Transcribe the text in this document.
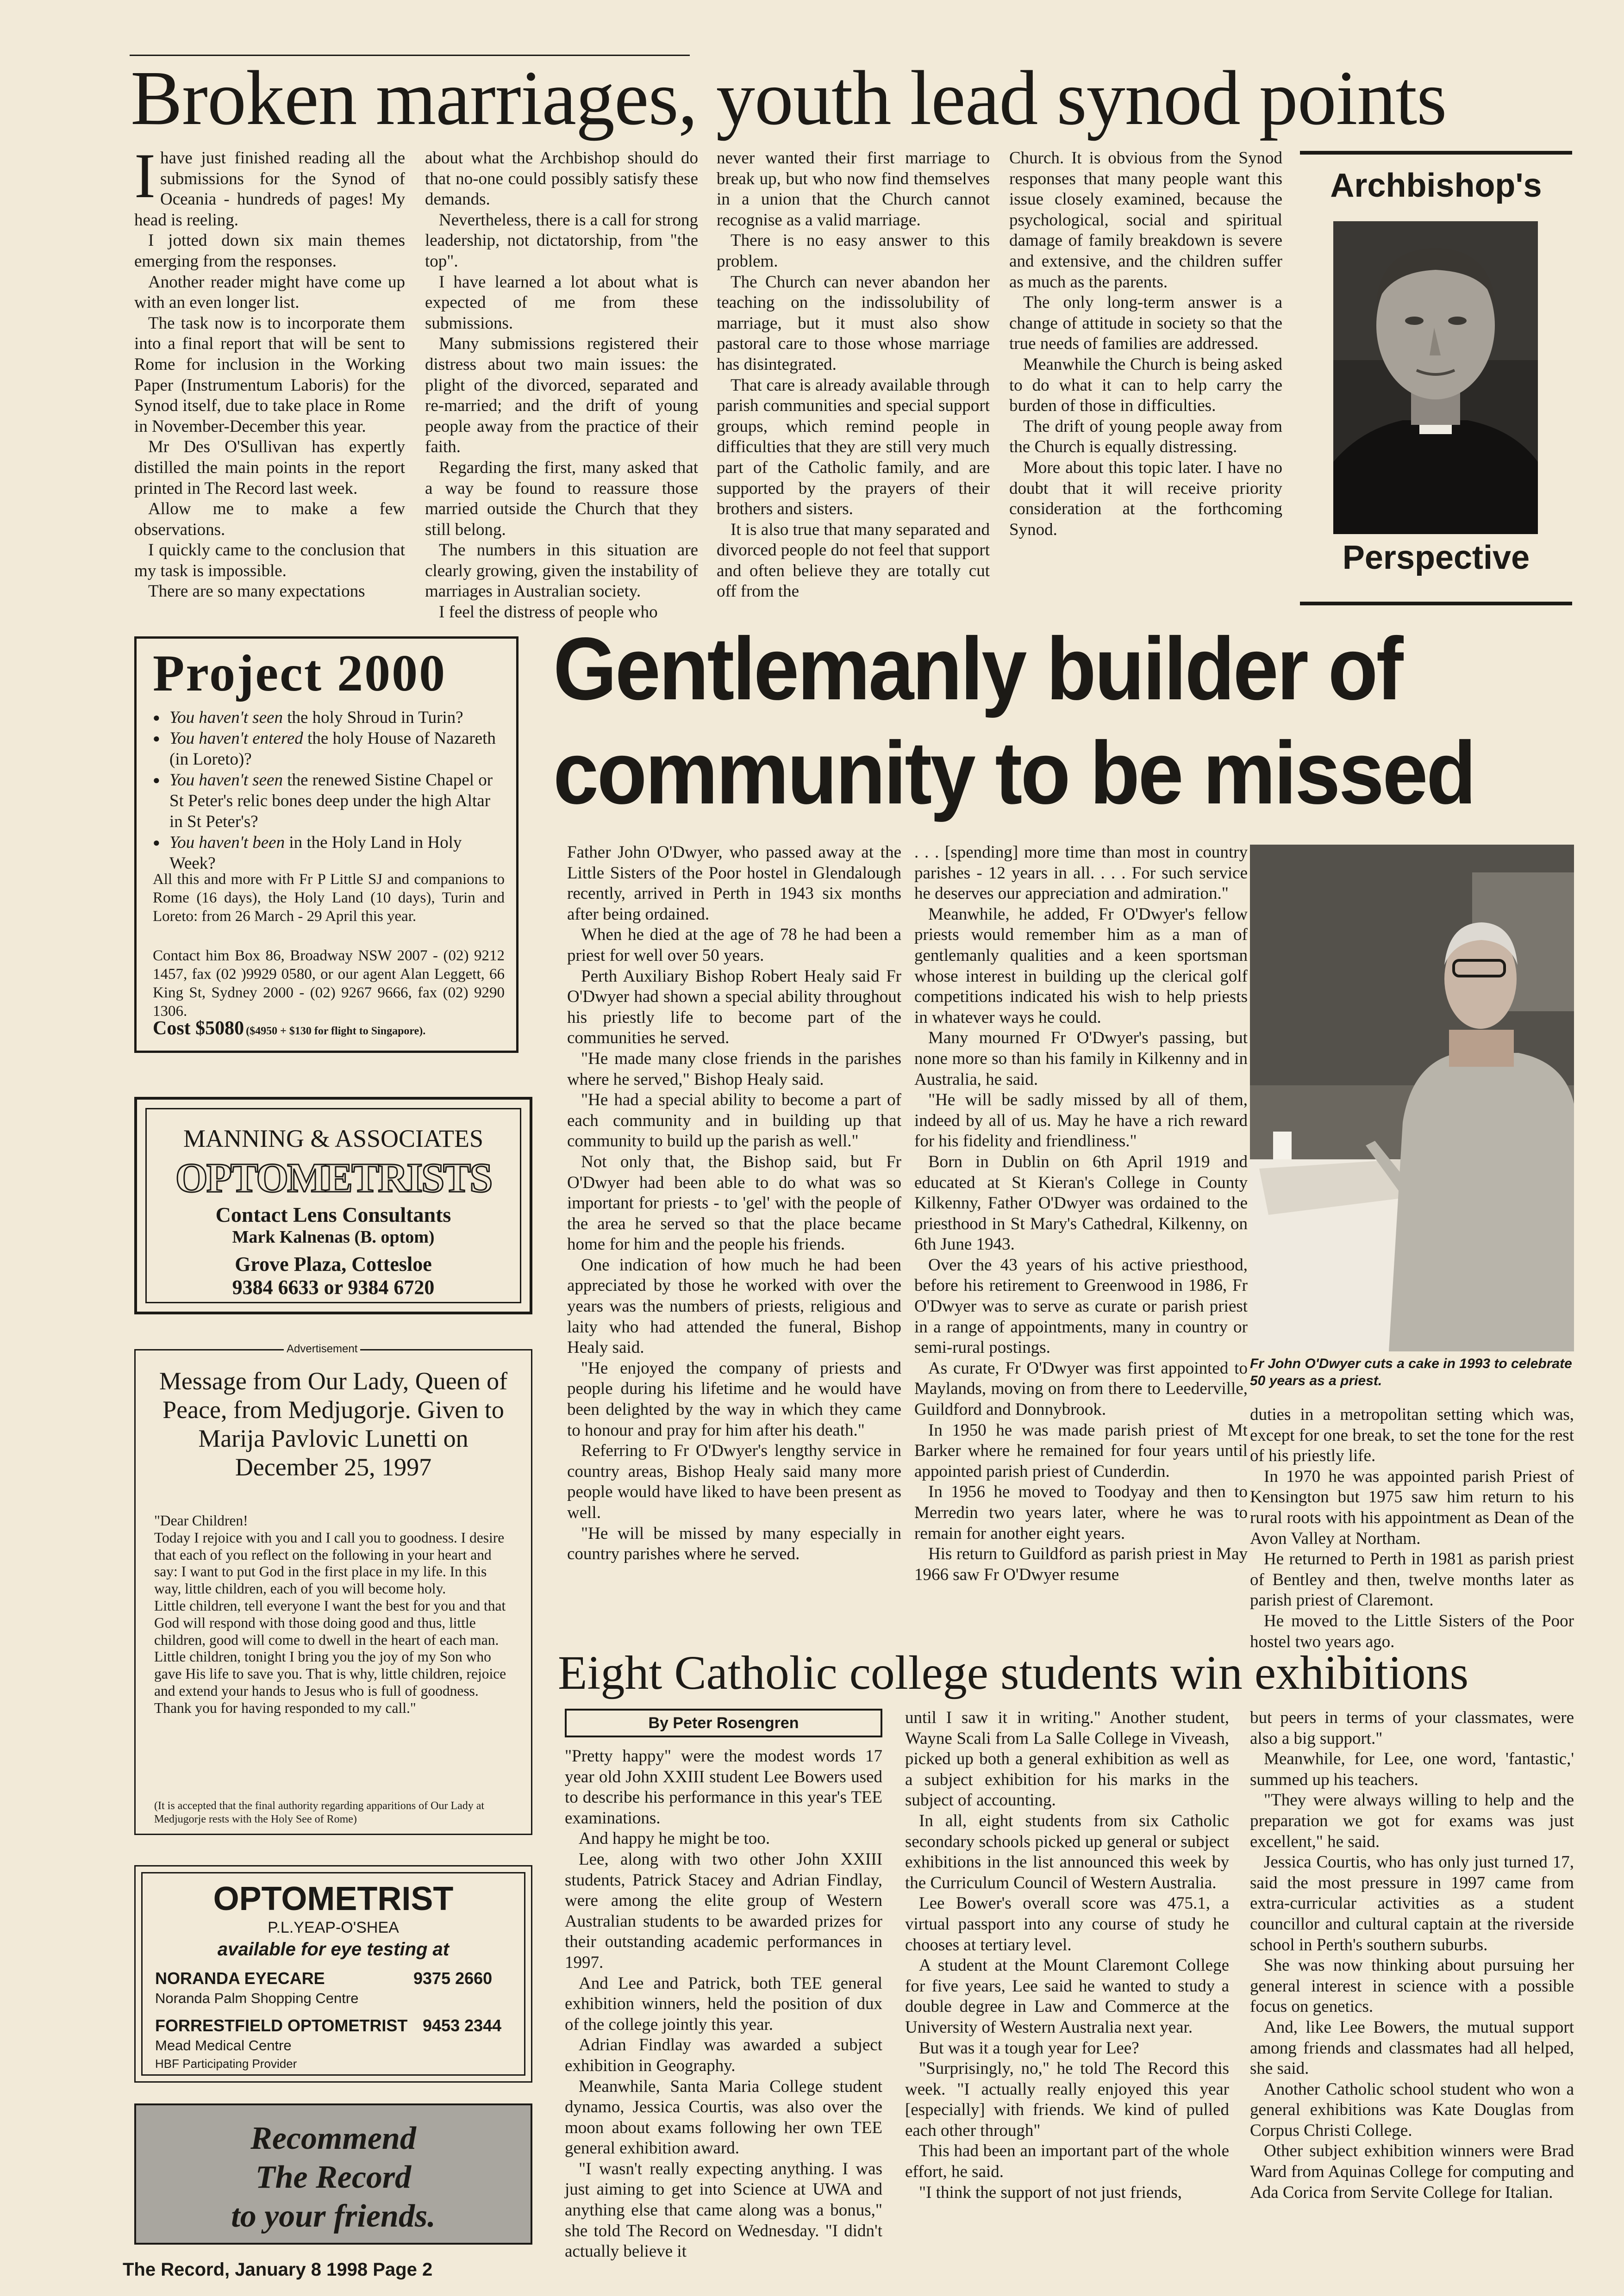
Broken marriages, youth lead synod points

Ihave just finished reading all the submissions for the Synod of Oceania - hundreds of pages! My head is reeling.

I jotted down six main themes emerging from the responses.

Another reader might have come up with an even longer list.

The task now is to incorporate them into a final report that will be sent to Rome for inclusion in the Working Paper (Instrumentum Laboris) for the Synod itself, due to take place in Rome in November-December this year.

Mr Des O'Sullivan has expertly distilled the main points in the report printed in The Record last week.

Allow me to make a few observations.

I quickly came to the conclusion that my task is impossible.

There are so many expectations

about what the Archbishop should do that no-one could possibly satisfy these demands.

Nevertheless, there is a call for strong leadership, not dictatorship, from "the top".

I have learned a lot about what is expected of me from these submissions.

Many submissions registered their distress about two main issues: the plight of the divorced, separated and re-married; and the drift of young people away from the practice of their faith.

Regarding the first, many asked that a way be found to reassure those married outside the Church that they still belong.

The numbers in this situation are clearly growing, given the instability of marriages in Australian society.

I feel the distress of people who

never wanted their first marriage to break up, but who now find themselves in a union that the Church cannot recognise as a valid marriage.

There is no easy answer to this problem.

The Church can never abandon her teaching on the indissolubility of marriage, but it must also show pastoral care to those whose marriage has disintegrated.

That care is already available through parish communities and special support groups, which remind people in difficulties that they are still very much part of the Catholic family, and are supported by the prayers of their brothers and sisters.

It is also true that many separated and divorced people do not feel that support and often believe they are totally cut off from the

Church. It is obvious from the Synod responses that many people want this issue closely examined, because the psychological, social and spiritual damage of family breakdown is severe and extensive, and the children suffer as much as the parents.

The only long-term answer is a change of attitude in society so that the true needs of families are addressed.

Meanwhile the Church is being asked to do what it can to help carry the burden of those in difficulties.

The drift of young people away from the Church is equally distressing.

More about this topic later. I have no doubt that it will receive priority consideration at the forthcoming Synod.

Archbishop's
Perspective
Project 2000
● You haven't seen the holy Shroud in Turin?
● You haven't entered the holy House of Nazareth (in Loreto)?
● You haven't seen the renewed Sistine Chapel or St Peter's relic bones deep under the high Altar in St Peter's?
● You haven't been in the Holy Land in Holy Week?
All this and more with Fr P Little SJ and companions to Rome (16 days), the Holy Land (10 days), Turin and Loreto: from 26 March - 29 April this year.
Contact him Box 86, Broadway NSW 2007 - (02) 9212 1457, fax (02 )9929 0580, or our agent Alan Leggett, 66 King St, Sydney 2000 - (02) 9267 9666, fax (02) 9290 1306.
Cost $5080 ($4950 + $130 for flight to Singapore).
MANNING & ASSOCIATES
OPTOMETRISTS
Contact Lens Consultants
Mark Kalnenas (B. optom)
Grove Plaza, Cottesloe
9384 6633 or 9384 6720
Advertisement
Message from Our Lady, Queen of Peace, from Medjugorje. Given to Marija Pavlovic Lunetti on December 25, 1997
"Dear Children!
Today I rejoice with you and I call you to goodness. I desire that each of you reflect on the following in your heart and say: I want to put God in the first place in my life. In this way, little children, each of you will become holy.
Little children, tell everyone I want the best for you and that God will respond with those doing good and thus, little children, good will come to dwell in the heart of each man.
Little children, tonight I bring you the joy of my Son who gave His life to save you. That is why, little children, rejoice and extend your hands to Jesus who is full of goodness.
Thank you for having responded to my call."
(It is accepted that the final authority regarding apparitions of Our Lady at Medjugorje rests with the Holy See of Rome)
OPTOMETRIST
P.L.YEAP-O'SHEA
available for eye testing at
NORANDA EYECARE	9375 2660
Noranda Palm Shopping Centre
FORRESTFIELD OPTOMETRIST 9453 2344
Mead Medical Centre
HBF Participating Provider
Recommend
The Record
to your friends.
Gentlemanly builder of
community to be missed

Father John O'Dwyer, who passed away at the Little Sisters of the Poor hostel in Glendalough recently, arrived in Perth in 1943 six months after being ordained.

When he died at the age of 78 he had been a priest for well over 50 years.

Perth Auxiliary Bishop Robert Healy said Fr O'Dwyer had shown a special ability throughout his priestly life to become part of the communities he served.

"He made many close friends in the parishes where he served," Bishop Healy said.

"He had a special ability to become a part of each community and in building up that community to build up the parish as well."

Not only that, the Bishop said, but Fr O'Dwyer had been able to do what was so important for priests - to 'gel' with the people of the area he served so that the place became home for him and the people his friends.

One indication of how much he had been appreciated by those he worked with over the years was the numbers of priests, religious and laity who had attended the funeral, Bishop Healy said.

"He enjoyed the company of priests and people during his lifetime and he would have been delighted by the way in which they came to honour and pray for him after his death."

Referring to Fr O'Dwyer's lengthy service in country areas, Bishop Healy said many more people would have liked to have been present as well.

"He will be missed by many especially in country parishes where he served.

. . . [spending] more time than most in country parishes - 12 years in all. . . . For such service he deserves our appreciation and admiration."

Meanwhile, he added, Fr O'Dwyer's fellow priests would remember him as a man of gentlemanly qualities and a keen sportsman whose interest in building up the clerical golf competitions indicated his wish to help priests in whatever ways he could.

Many mourned Fr O'Dwyer's passing, but none more so than his family in Kilkenny and in Australia, he said.

"He will be sadly missed by all of them, indeed by all of us. May he have a rich reward for his fidelity and friendliness."

Born in Dublin on 6th April 1919 and educated at St Kieran's College in County Kilkenny, Father O'Dwyer was ordained to the priesthood in St Mary's Cathedral, Kilkenny, on 6th June 1943.

Over the 43 years of his active priesthood, before his retirement to Greenwood in 1986, Fr O'Dwyer was to serve as curate or parish priest in a range of appointments, many in country or semi-rural postings.

As curate, Fr O'Dwyer was first appointed to Maylands, moving on from there to Leederville, Guildford and Donnybrook.

In 1950 he was made parish priest of Mt Barker where he remained for four years until appointed parish priest of Cunderdin.

In 1956 he moved to Toodyay and then to Merredin two years later, where he was to remain for another eight years.

His return to Guildford as parish priest in May 1966 saw Fr O'Dwyer resume

Fr John O'Dwyer cuts a cake in 1993 to celebrate 50 years as a priest.

duties in a metropolitan setting which was, except for one break, to set the tone for the rest of his priestly life.

In 1970 he was appointed parish Priest of Kensington but 1975 saw him return to his rural roots with his appointment as Dean of the Avon Valley at Northam.

He returned to Perth in 1981 as parish priest of Bentley and then, twelve months later as parish priest of Claremont.

He moved to the Little Sisters of the Poor hostel two years ago.

Eight Catholic college students win exhibitions
By Peter Rosengren

"Pretty happy" were the modest words 17 year old John XXIII student Lee Bowers used to describe his performance in this year's TEE examinations.

And happy he might be too.

Lee, along with two other John XXIII students, Patrick Stacey and Adrian Findlay, were among the elite group of Western Australian students to be awarded prizes for their outstanding academic performances in 1997.

And Lee and Patrick, both TEE general exhibition winners, held the position of dux of the college jointly this year.

Adrian Findlay was awarded a subject exhibition in Geography.

Meanwhile, Santa Maria College student dynamo, Jessica Courtis, was also over the moon about exams following her own TEE general exhibition award.

"I wasn't really expecting anything. I was just aiming to get into Science at UWA and anything else that came along was a bonus," she told The Record on Wednesday. "I didn't actually believe it

until I saw it in writing." Another student, Wayne Scali from La Salle College in Viveash, picked up both a general exhibition as well as a subject exhibition for his marks in the subject of accounting.

In all, eight students from six Catholic secondary schools picked up general or subject exhibitions in the list announced this week by the Curriculum Council of Western Australia.

Lee Bower's overall score was 475.1, a virtual passport into any course of study he chooses at tertiary level.

A student at the Mount Claremont College for five years, Lee said he wanted to study a double degree in Law and Commerce at the University of Western Australia next year.

But was it a tough year for Lee?

"Surprisingly, no," he told The Record this week. "I actually really enjoyed this year [especially] with friends. We kind of pulled each other through"

This had been an important part of the whole effort, he said.

"I think the support of not just friends,

but peers in terms of your classmates, were also a big support."

Meanwhile, for Lee, one word, 'fantastic,' summed up his teachers.

"They were always willing to help and the preparation we got for exams was just excellent," he said.

Jessica Courtis, who has only just turned 17, said the most pressure in 1997 came from extra-curricular activities as a student councillor and cultural captain at the riverside school in Perth's southern suburbs.

She was now thinking about pursuing her general interest in science with a possible focus on genetics.

And, like Lee Bowers, the mutual support among friends and classmates had all helped, she said.

Another Catholic school student who won a general exhibitions was Kate Douglas from Corpus Christi College.

Other subject exhibition winners were Brad Ward from Aquinas College for computing and Ada Corica from Servite College for Italian.

The Record, January 8 1998 Page 2
